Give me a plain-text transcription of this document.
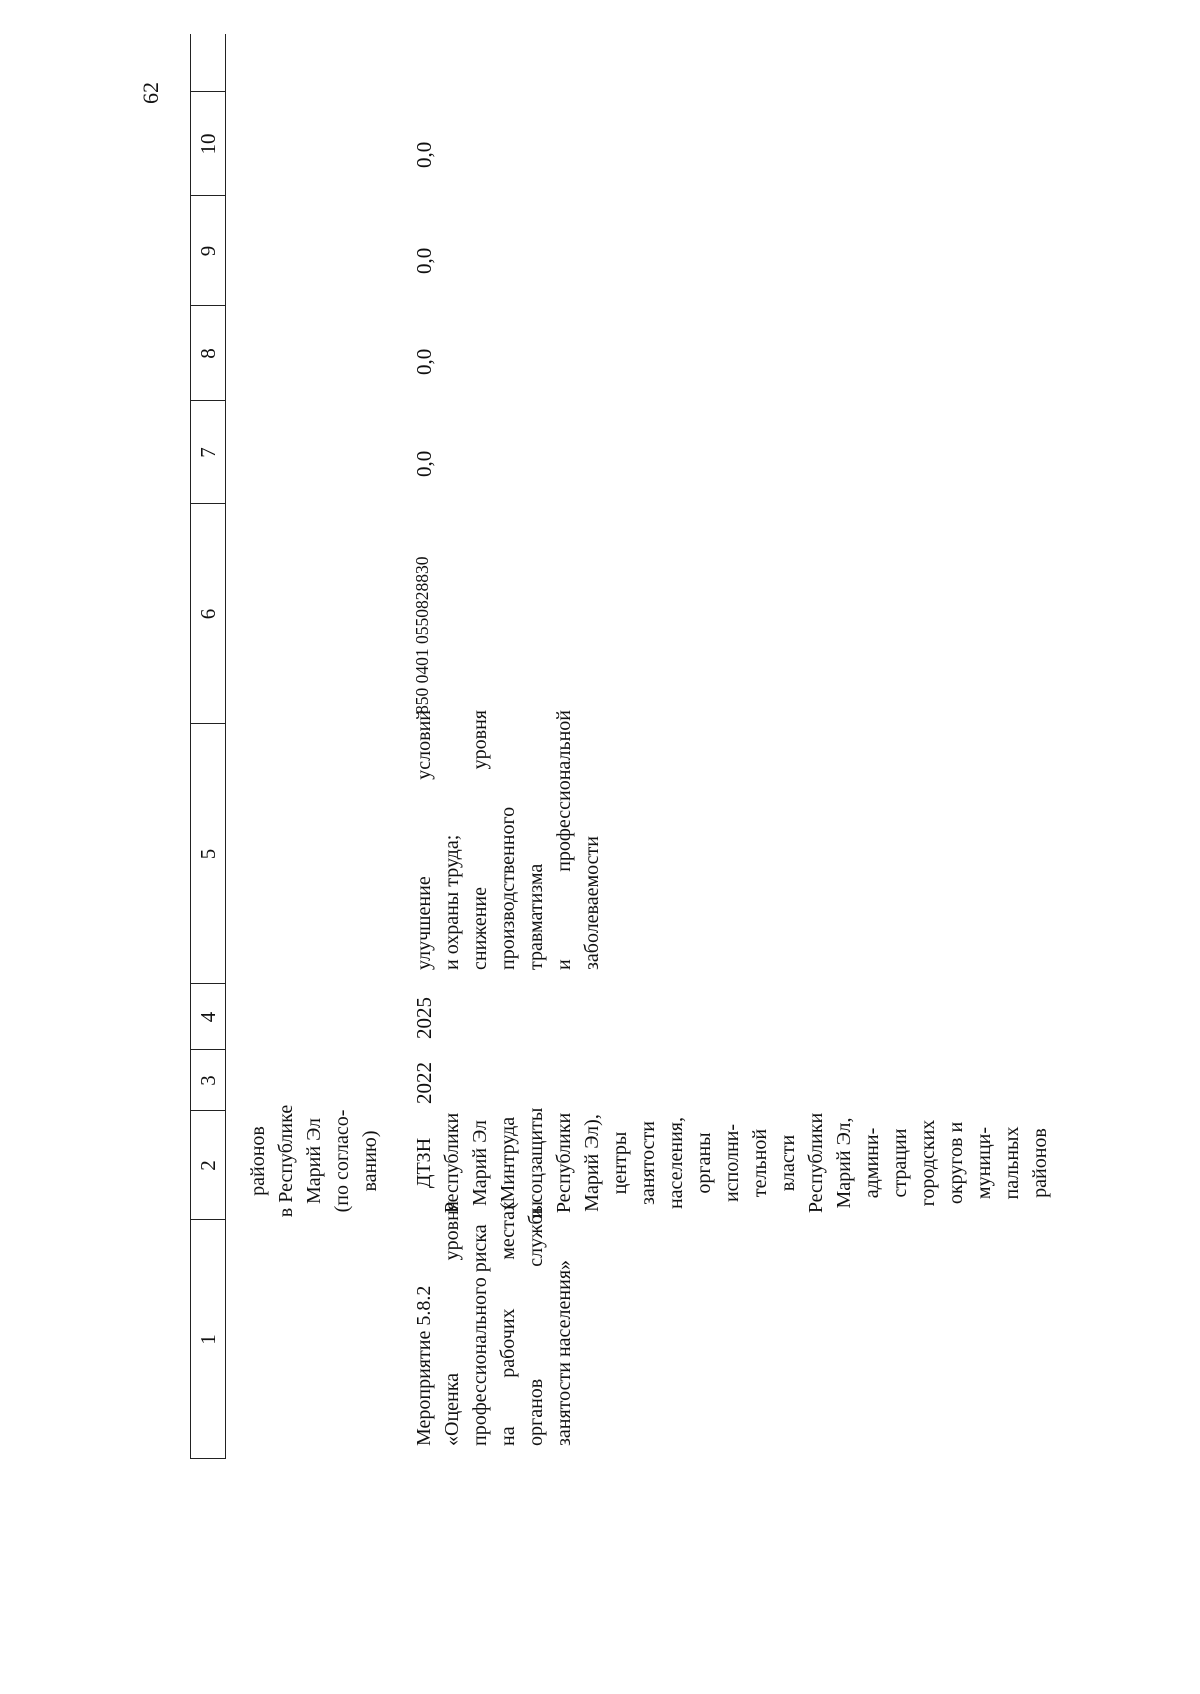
62
1
2
3
4
5
6
7
8
9
10
районов в Республике Марий Эл (по согласо- ванию)
Мероприятие 5.8.2 «Оценка
уровня профессионального риска на
рабочих
местах
органов
службы
занятости населения»
ДТЗН Республики Марий Эл (Минтруда и соцзащиты Республики Марий Эл), центры занятости населения, органы исполни- тельной власти Республики Марий Эл, админи- страции городских округов и муници- пальных районов
2022
2025
улучшение
условий
и охраны труда; снижение
уровня
производственного травматизма и
профессиональной
заболеваемости
850 0401 0550828830
0,0
0,0
0,0
0,0
